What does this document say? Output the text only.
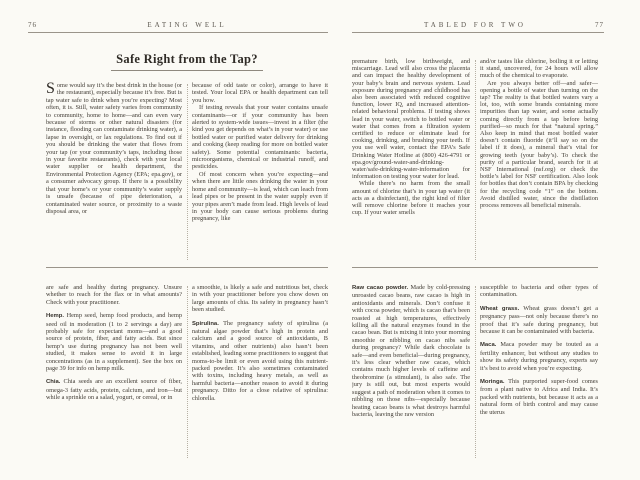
76	EATING WELL
Safe Right from the Tap?

Some would say it’s the best drink in the house (or the restaurant), especially because it’s free. But is tap water safe to drink when you’re expecting? Most often, it is. Still, water safety varies from community to community, home to home—and can even vary because of storms or other natural disasters (for instance, flooding can contaminate drinking water), a lapse in oversight, or lax regulations. To find out if you should be drinking the water that flows from your tap (or your community’s taps, including those in your favorite restaurants), check with your local water supplier or health department, the Environmental Protection Agency (EPA; epa.gov), or a consumer advocacy group. If there is a possibility that your home’s or your community’s water supply is unsafe (because of pipe deterioration, a contaminated water source, or proximity to a waste disposal area, or

because of odd taste or color), arrange to have it tested. Your local EPA or health department can tell you how.

If testing reveals that your water contains unsafe contaminants—or if your community has been alerted to system-wide issues—invest in a filter (the kind you get depends on what’s in your water) or use bottled water or purified water delivery for drinking and cooking (keep reading for more on bottled water safety). Some potential contaminants: bacteria, microorganisms, chemical or industrial runoff, and pesticides.

Of most concern when you’re expecting—and when there are little ones drinking the water in your home and community—is lead, which can leach from lead pipes or be present in the water supply even if your pipes aren’t made from lead. High levels of lead in your body can cause serious problems during pregnancy, like

are safe and healthy during pregnancy. Unsure whether to reach for the flax or in what amounts? Check with your practitioner.

Hemp. Hemp seed, hemp food products, and hemp seed oil in moderation (1 to 2 servings a day) are probably safe for expectant moms—and a good source of protein, fiber, and fatty acids. But since hemp’s use during pregnancy has not been well studied, it makes sense to avoid it in large concentrations (as in a supplement). See the box on page 39 for info on hemp milk.

Chia. Chia seeds are an excellent source of fiber, omega-3 fatty acids, protein, calcium, and iron—but while a sprinkle on a salad, yogurt, or cereal, or in

a smoothie, is likely a safe and nutritious bet, check in with your practitioner before you chow down on large amounts of chia. Its safety in pregnancy hasn’t been studied.

Spirulina. The pregnancy safety of spirulina (a natural algae powder that’s high in protein and calcium and a good source of antioxidants, B vitamins, and other nutrients) also hasn’t been established, leading some practitioners to suggest that moms-to-be limit or even avoid using this nutrient-packed powder. It’s also sometimes contaminated with toxins, including heavy metals, as well as harmful bacteria—another reason to avoid it during pregnancy. Ditto for a close relative of spirulina: chlorella.

77
TABLED FOR TWO

premature birth, low birthweight, and miscarriage. Lead will also cross the placenta and can impact the healthy development of your baby’s brain and nervous system. Lead exposure during pregnancy and childhood has also been associated with reduced cognitive function, lower IQ, and increased attention-related behavioral problems. If testing shows lead in your water, switch to bottled water or water that comes from a filtration system certified to reduce or eliminate lead for cooking, drinking, and brushing your teeth. If you use well water, contact the EPA’s Safe Drinking Water Hotline at (800) 426-4791 or epa.gov/ground-water-and-drinking-water/safe-drinking-water-information for information on testing your water for lead.

While there’s no harm from the small amount of chlorine that’s in your tap water (it acts as a disinfectant), the right kind of filter will remove chlorine before it reaches your cup. If your water smells

and/or tastes like chlorine, boiling it or letting it stand, uncovered, for 24 hours will allow much of the chemical to evaporate.

Are you always better off—and safer—opening a bottle of water than turning on the tap? The reality is that bottled waters vary a lot, too, with some brands containing more impurities than tap water, and some actually coming directly from a tap before being purified—so much for that “natural spring.” Also keep in mind that most bottled water doesn’t contain fluoride (it’ll say so on the label if it does), a mineral that’s vital for growing teeth (your baby’s). To check the purity of a particular brand, search for it at NSF International (nsf.org) or check the bottle’s label for NSF certification. Also look for bottles that don’t contain BPA by checking for the recycling code “1” on the bottom. Avoid distilled water, since the distillation process removes all beneficial minerals.

Raw cacao powder. Made by cold-pressing unroasted cacao beans, raw cacao is high in antioxidants and minerals. Don’t confuse it with cocoa powder, which is cacao that’s been roasted at high temperatures, effectively killing all the natural enzymes found in the cacao bean. But is mixing it into your morning smoothie or nibbling on cacao nibs safe during pregnancy? While dark chocolate is safe—and even beneficial—during pregnancy, it’s less clear whether raw cacao, which contains much higher levels of caffeine and theobromine (a stimulant), is also safe. The jury is still out, but most experts would suggest a path of moderation when it comes to nibbling on those nibs—especially because heating cacao beans is what destroys harmful bacteria, leaving the raw version

susceptible to bacteria and other types of contamination.

Wheat grass. Wheat grass doesn’t get a pregnancy pass—not only because there’s no proof that it’s safe during pregnancy, but because it can be contaminated with bacteria.

Maca. Maca powder may be touted as a fertility enhancer, but without any studies to show its safety during pregnancy, experts say it’s best to avoid when you’re expecting.

Moringa. This purported super-food comes from a plant native to Africa and India. It’s packed with nutrients, but because it acts as a natural form of birth control and may cause the uterus
